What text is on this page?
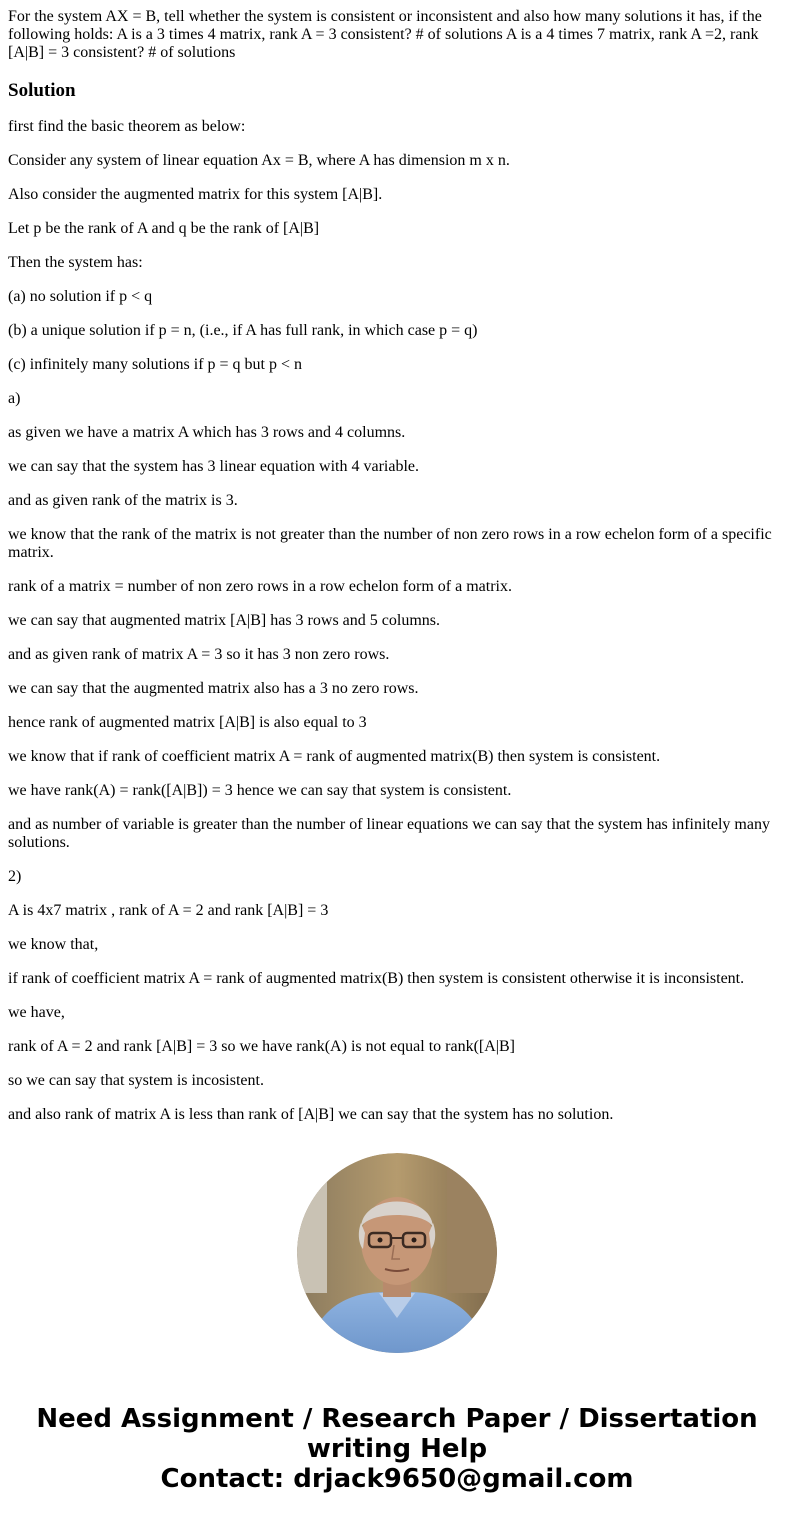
For the system AX = B, tell whether the system is consistent or inconsistent and also how many solutions it has, if the following holds: A is a 3 times 4 matrix, rank A = 3 consistent? # of solutions A is a 4 times 7 matrix, rank A =2, rank [A|B] = 3 consistent? # of solutions

Solution

first find the basic theorem as below:

Consider any system of linear equation Ax = B, where A has dimension m x n.

Also consider the augmented matrix for this system [A|B].

Let p be the rank of A and q be the rank of [A|B]

Then the system has:

(a) no solution if p < q

(b) a unique solution if p = n, (i.e., if A has full rank, in which case p = q)

(c) infinitely many solutions if p = q but p < n

a)

as given we have a matrix A which has 3 rows and 4 columns.

we can say that the system has 3 linear equation with 4 variable.

and as given rank of the matrix is 3.

we know that the rank of the matrix is not greater than the number of non zero rows in a row echelon form of a specific matrix.

rank of a matrix = number of non zero rows in a row echelon form of a matrix.

we can say that augmented matrix [A|B] has 3 rows and 5 columns.

and as given rank of matrix A = 3 so it has 3 non zero rows.

we can say that the augmented matrix also has a 3 no zero rows.

hence rank of augmented matrix [A|B] is also equal to 3

we know that if rank of coefficient matrix A = rank of augmented matrix(B) then system is consistent.

we have rank(A) = rank([A|B]) = 3 hence we can say that system is consistent.

and as number of variable is greater than the number of linear equations we can say that the system has infinitely many solutions.

2)

A is 4x7 matrix , rank of A = 2 and rank [A|B] = 3

we know that,

if rank of coefficient matrix A = rank of augmented matrix(B) then system is consistent otherwise it is inconsistent.

we have,

rank of A = 2 and rank [A|B] = 3 so we have rank(A) is not equal to rank([A|B]

so we can say that system is incosistent.

and also rank of matrix A is less than rank of [A|B] we can say that the system has no solution.

Need Assignment / Research Paper / Dissertation
writing Help
Contact: drjack9650@gmail.com
